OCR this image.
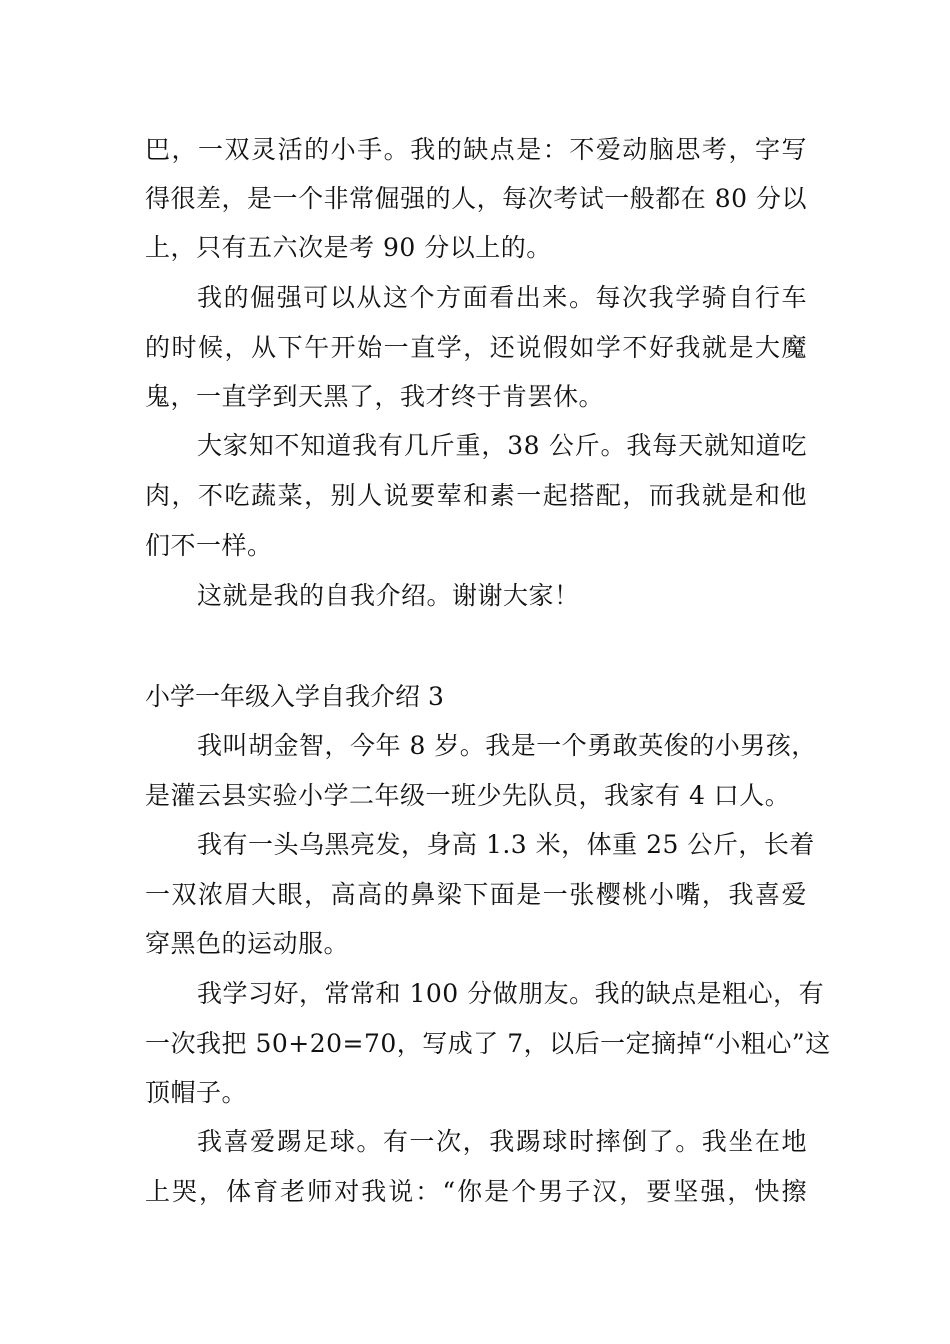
巴，一双灵活的小手。我的缺点是：不爱动脑思考，字写
得很差，是一个非常倔强的人，每次考试一般都在 80 分以
上，只有五六次是考 90 分以上的。
我的倔强可以从这个方面看出来。每次我学骑自行车
的时候，从下午开始一直学，还说假如学不好我就是大魔
鬼，一直学到天黑了，我才终于肯罢休。
大家知不知道我有几斤重，38 公斤。我每天就知道吃
肉，不吃蔬菜，别人说要荤和素一起搭配，而我就是和他
们不一样。
这就是我的自我介绍。谢谢大家！
小学一年级入学自我介绍 3
我叫胡金智，今年 8 岁。我是一个勇敢英俊的小男孩，
是灌云县实验小学二年级一班少先队员，我家有 4 口人。
我有一头乌黑亮发，身高 1.3 米，体重 25 公斤，长着
一双浓眉大眼，高高的鼻梁下面是一张樱桃小嘴，我喜爱
穿黑色的运动服。
我学习好，常常和 100 分做朋友。我的缺点是粗心，有
一次我把 50+20=70，写成了 7，以后一定摘掉“小粗心”这
顶帽子。
我喜爱踢足球。有一次，我踢球时摔倒了。我坐在地
上哭，体育老师对我说：“你是个男子汉，要坚强，快擦
